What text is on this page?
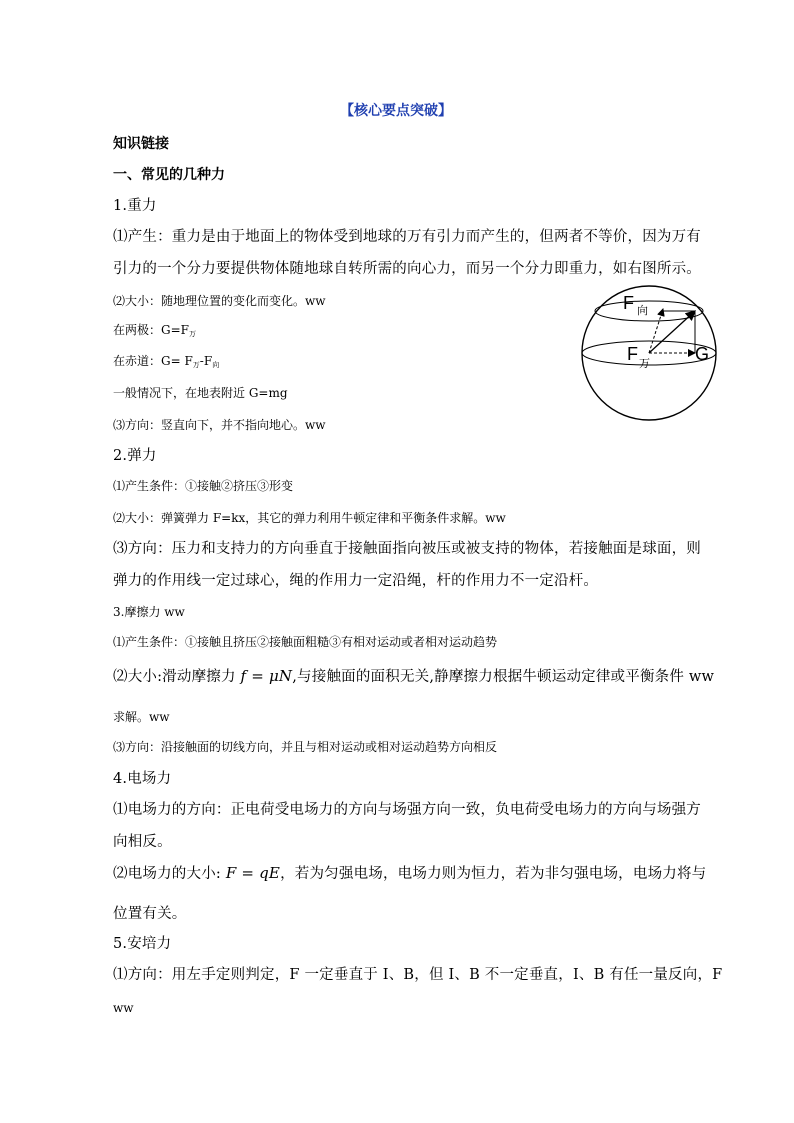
【核心要点突破】
知识链接
一、常见的几种力
1.重力
⑴产生：重力是由于地面上的物体受到地球的万有引力而产生的，但两者不等价，因为万有
引力的一个分力要提供物体随地球自转所需的向心力，而另一个分力即重力，如右图所示。
⑵大小：随地理位置的变化而变化。ww
在两极：$G=F_万$
在赤道：$G= F_万-F_向$
一般情况下，在地表附近 G=mg
⑶方向：竖直向下，并不指向地心。ww
2.弹力
⑴产生条件：①接触②挤压③形变
⑵大小：弹簧弹力 F=kx，其它的弹力利用牛顿定律和平衡条件求解。ww
⑶方向：压力和支持力的方向垂直于接触面指向被压或被支持的物体，若接触面是球面，则
弹力的作用线一定过球心，绳的作用力一定沿绳，杆的作用力不一定沿杆。
3.摩擦力 ww
⑴产生条件：①接触且挤压②接触面粗糙③有相对运动或者相对运动趋势
⑵大小:滑动摩擦力 f = μN,与接触面的面积无关,静摩擦力根据牛顿运动定律或平衡条件 ww
求解。ww
⑶方向：沿接触面的切线方向，并且与相对运动或相对运动趋势方向相反
4.电场力
⑴电场力的方向：正电荷受电场力的方向与场强方向一致，负电荷受电场力的方向与场强方
向相反。
⑵电场力的大小: F = qE，若为匀强电场，电场力则为恒力，若为非匀强电场，电场力将与
位置有关。
5.安培力
⑴方向：用左手定则判定，F 一定垂直于 I、B，但 I、B 不一定垂直，I、B 有任一量反向，F
ww
F 向
F 万	G
